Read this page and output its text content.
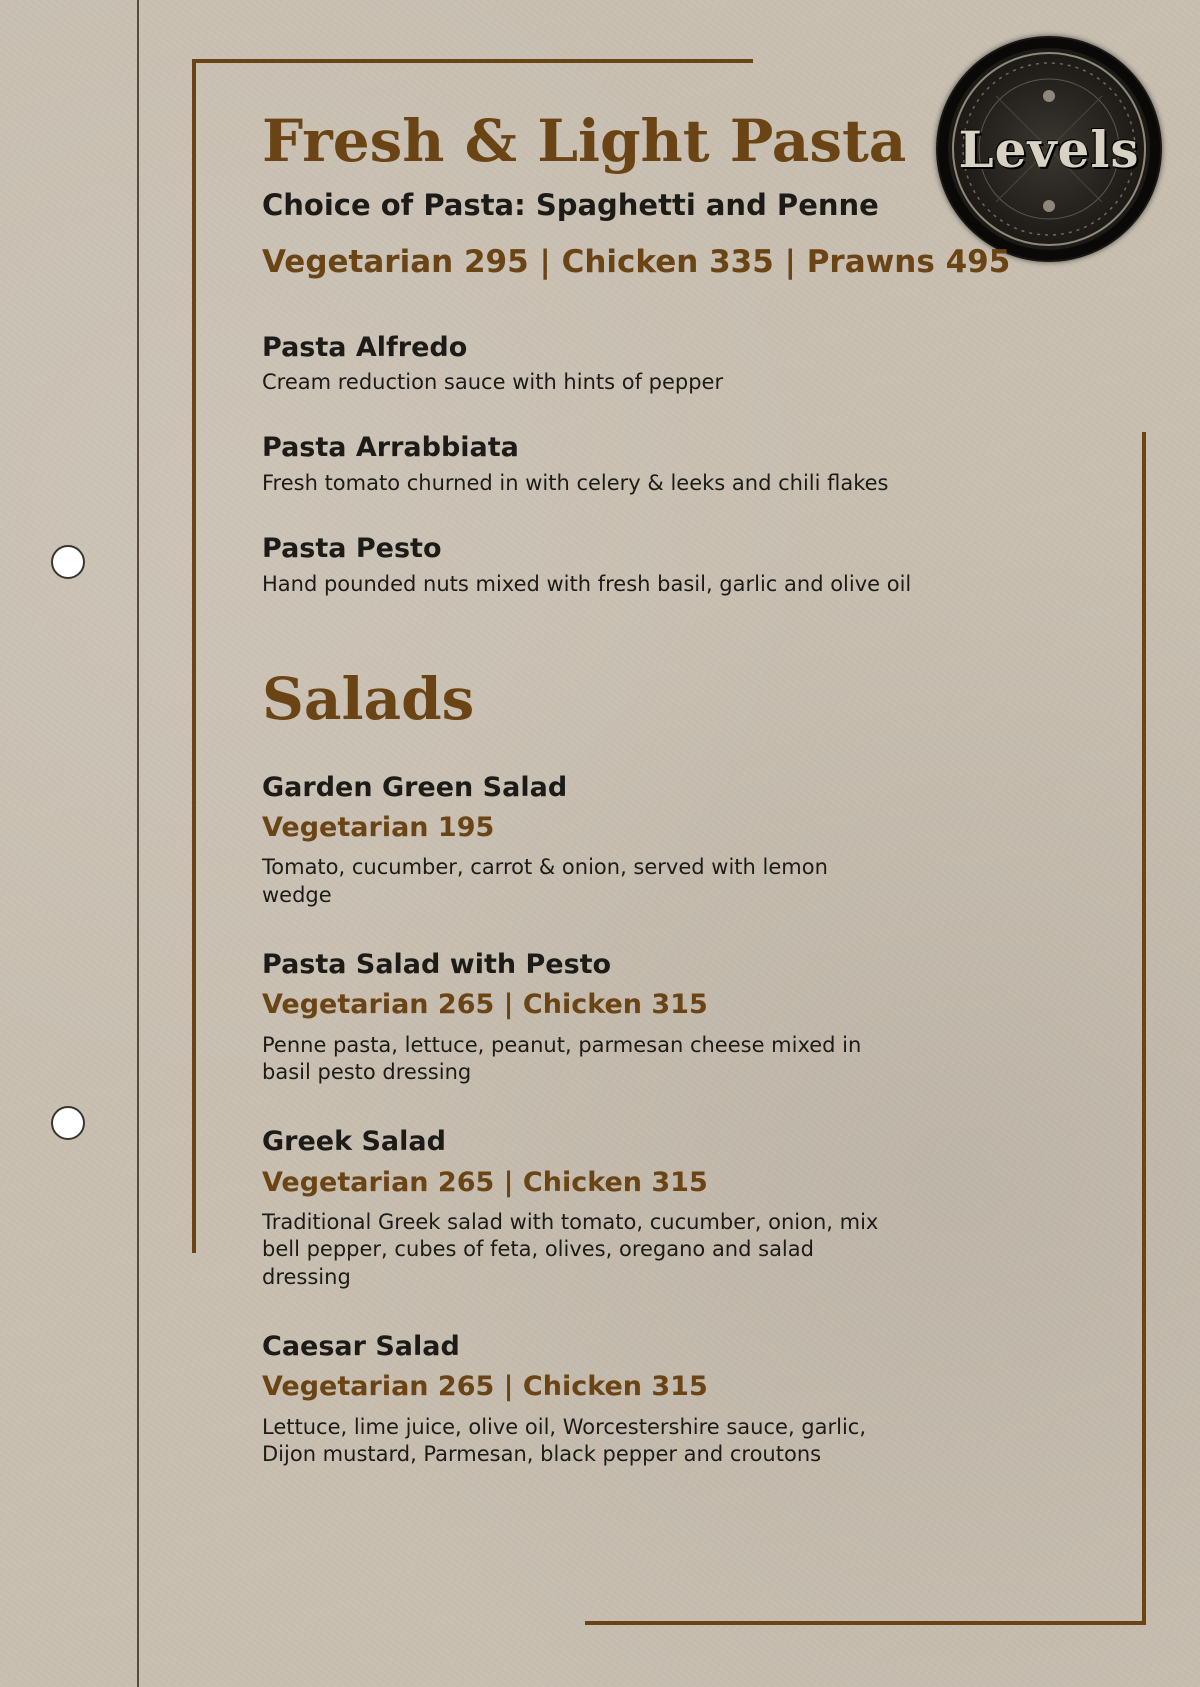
Levels
Fresh & Light Pasta
Choice of Pasta: Spaghetti and Penne
Vegetarian 295 | Chicken 335 | Prawns 495
Pasta Alfredo
Cream reduction sauce with hints of pepper
Pasta Arrabbiata
Fresh tomato churned in with celery & leeks and chili flakes
Pasta Pesto
Hand pounded nuts mixed with fresh basil, garlic and olive oil
Salads
Garden Green Salad
Vegetarian 195
Tomato, cucumber, carrot & onion, served with lemon wedge
Pasta Salad with Pesto
Vegetarian 265 | Chicken 315
Penne pasta, lettuce, peanut, parmesan cheese mixed in basil pesto dressing
Greek Salad
Vegetarian 265 | Chicken 315
Traditional Greek salad with tomato, cucumber, onion, mix bell pepper, cubes of feta, olives, oregano and salad dressing
Caesar Salad
Vegetarian 265 | Chicken 315
Lettuce, lime juice, olive oil, Worcestershire sauce, garlic, Dijon mustard, Parmesan, black pepper and croutons
